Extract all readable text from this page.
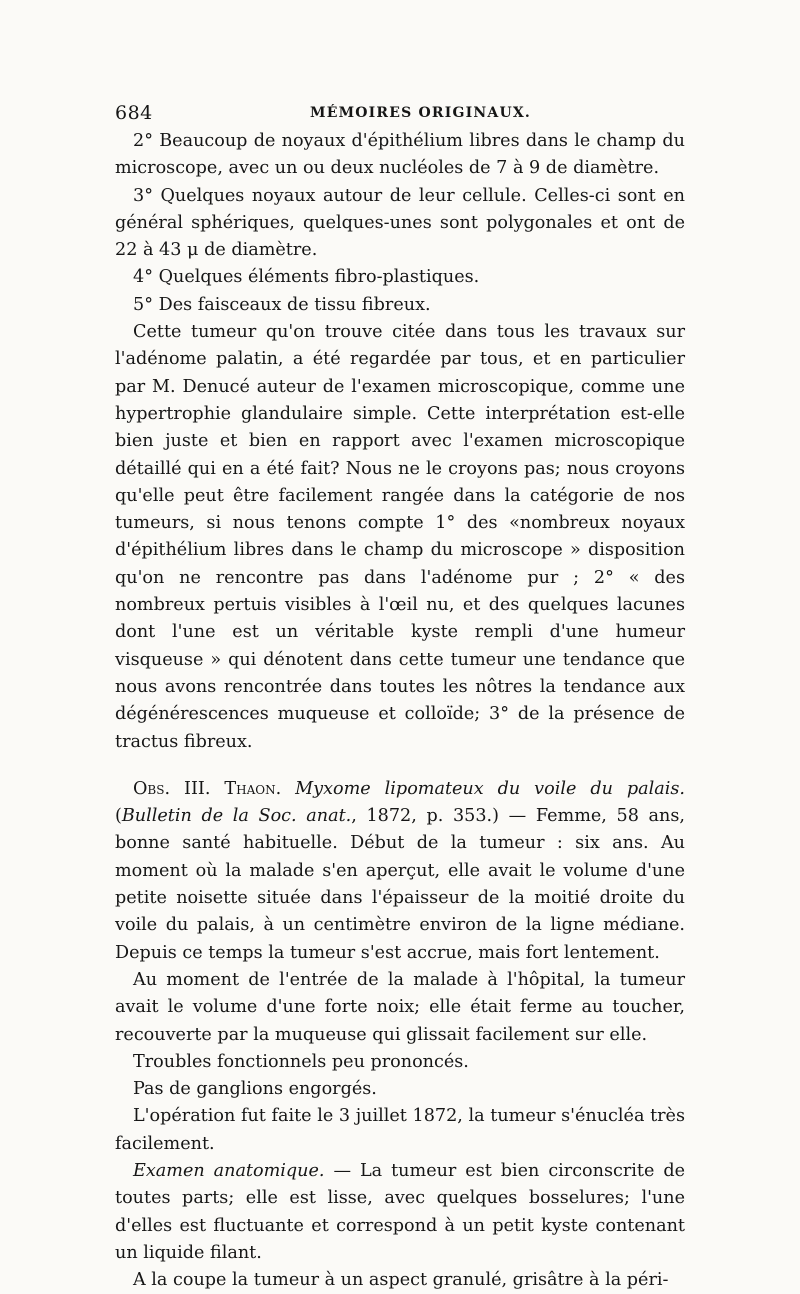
684	MÉMOIRES ORIGINAUX.

2° Beaucoup de noyaux d'épithélium libres dans le champ du microscope, avec un ou deux nucléoles de 7 à 9 de diamètre.

3° Quelques noyaux autour de leur cellule. Celles-ci sont en général sphériques, quelques-unes sont polygonales et ont de 22 à 43 μ de diamètre.

4° Quelques éléments fibro-plastiques.

5° Des faisceaux de tissu fibreux.

Cette tumeur qu'on trouve citée dans tous les travaux sur l'adénome palatin, a été regardée par tous, et en particulier par M. Denucé auteur de l'examen microscopique, comme une hypertrophie glandulaire simple. Cette interprétation est-elle bien juste et bien en rapport avec l'examen microscopique détaillé qui en a été fait? Nous ne le croyons pas; nous croyons qu'elle peut être facilement rangée dans la catégorie de nos tumeurs, si nous tenons compte 1° des «nombreux noyaux d'épithélium libres dans le champ du microscope » disposition qu'on ne rencontre pas dans l'adénome pur ; 2° « des nombreux pertuis visibles à l'œil nu, et des quelques lacunes dont l'une est un véritable kyste rempli d'une humeur visqueuse » qui dénotent dans cette tumeur une tendance que nous avons rencontrée dans toutes les nôtres la tendance aux dégénérescences muqueuse et colloïde; 3° de la présence de tractus fibreux.

Obs. III. Thaon. Myxome lipomateux du voile du palais. (Bulletin de la Soc. anat., 1872, p. 353.) — Femme, 58 ans, bonne santé habituelle. Début de la tumeur : six ans. Au moment où la malade s'en aperçut, elle avait le volume d'une petite noisette située dans l'épaisseur de la moitié droite du voile du palais, à un centimètre environ de la ligne médiane. Depuis ce temps la tumeur s'est accrue, mais fort lentement.

Au moment de l'entrée de la malade à l'hôpital, la tumeur avait le volume d'une forte noix; elle était ferme au toucher, recouverte par la muqueuse qui glissait facilement sur elle.

Troubles fonctionnels peu prononcés.

Pas de ganglions engorgés.

L'opération fut faite le 3 juillet 1872, la tumeur s'énucléa très facilement.

Examen anatomique. — La tumeur est bien circonscrite de toutes parts; elle est lisse, avec quelques bosselures; l'une d'elles est fluctuante et correspond à un petit kyste contenant un liquide filant.

A la coupe la tumeur à un aspect granulé, grisâtre à la péri-
